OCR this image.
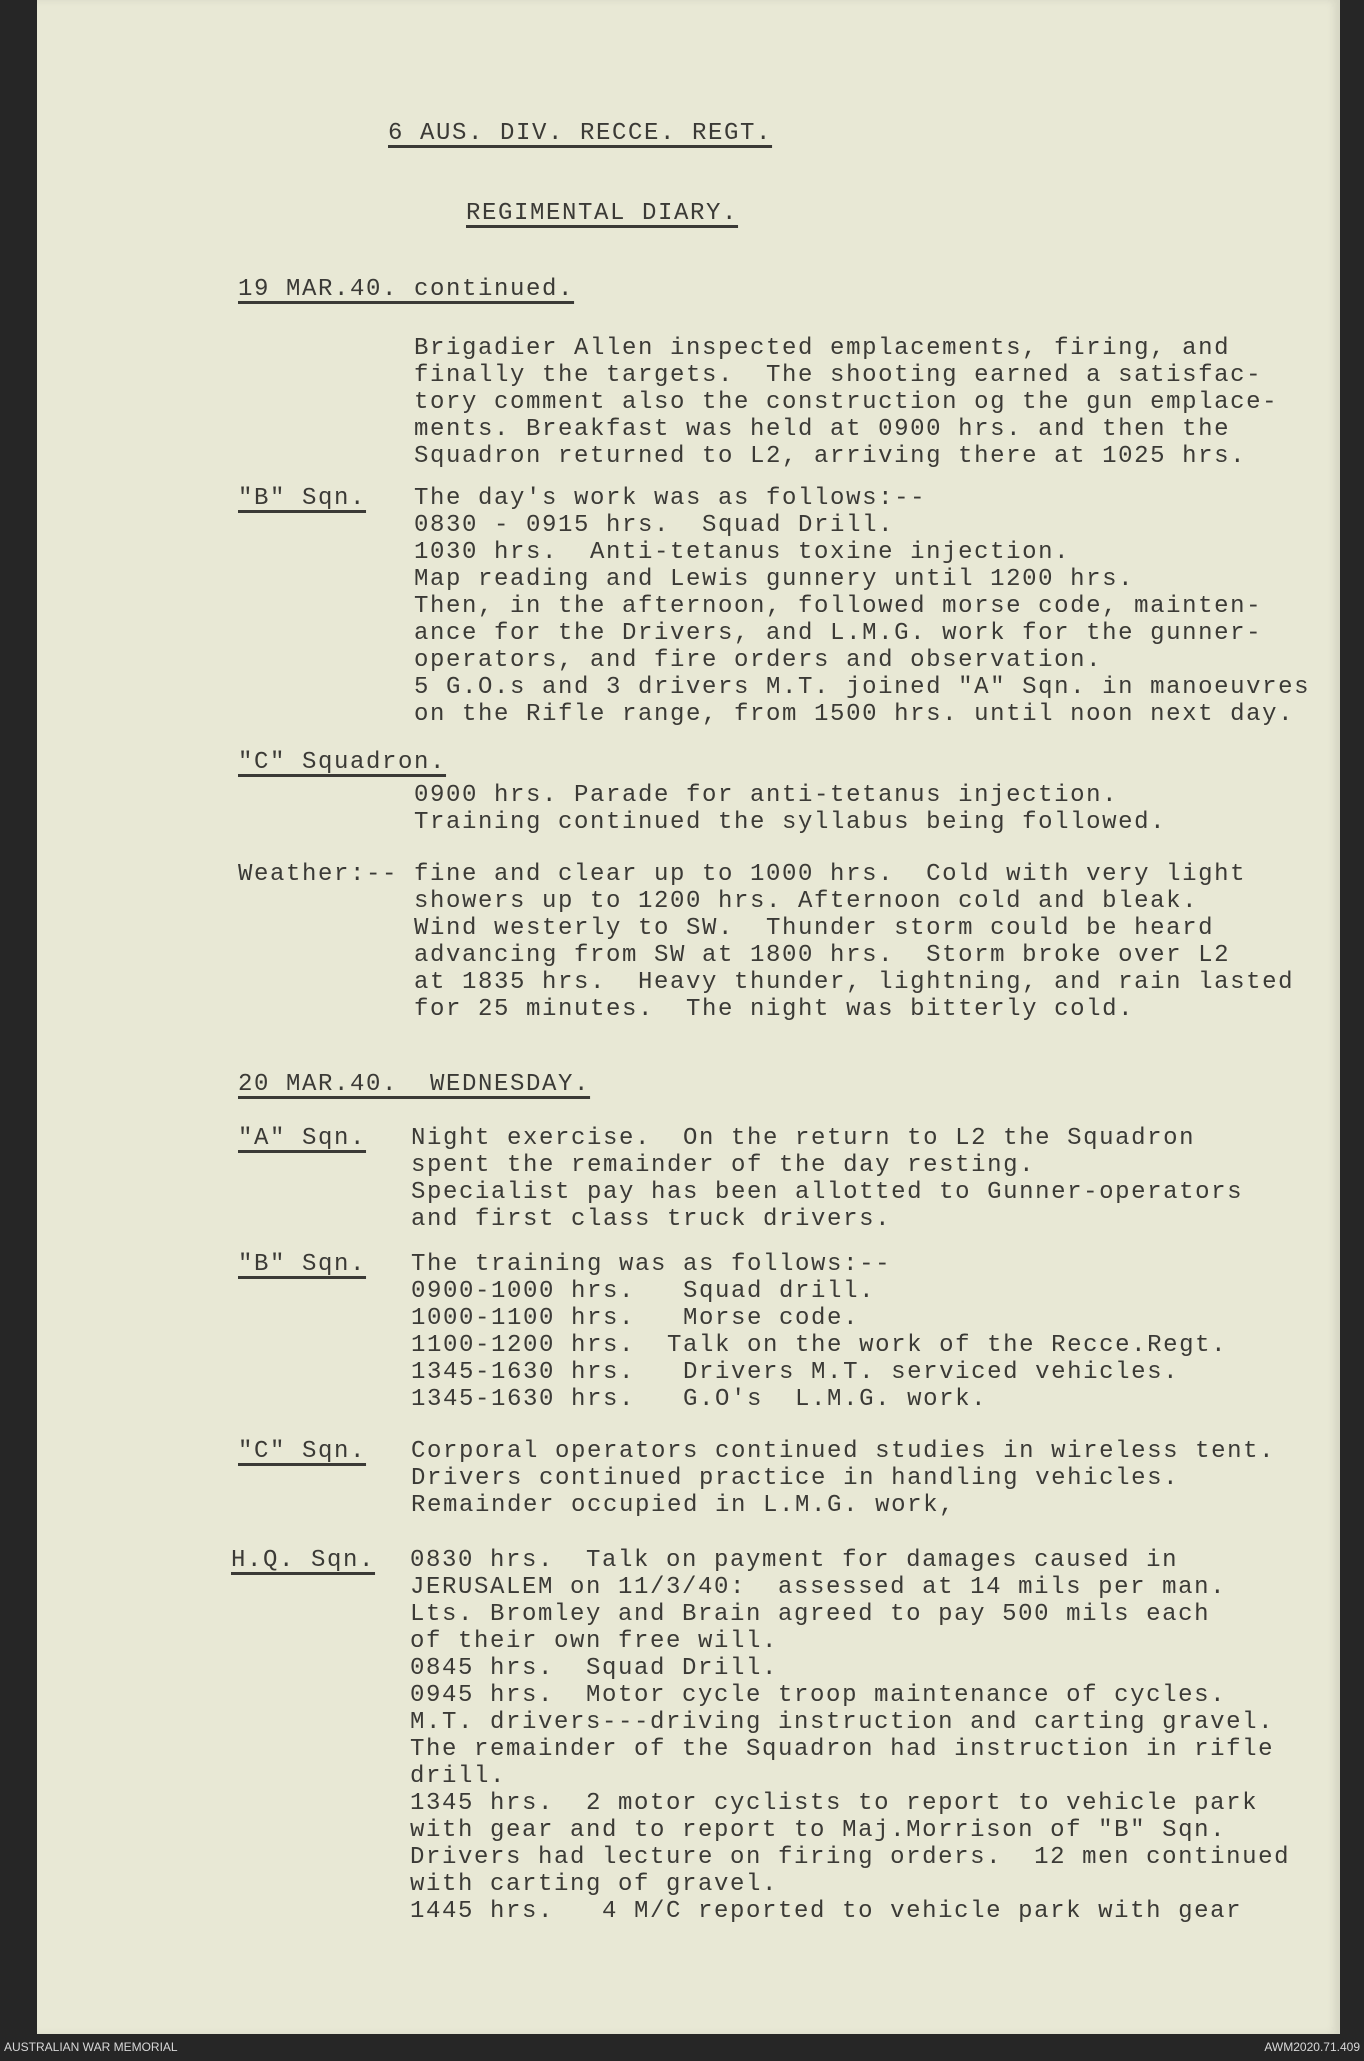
6 AUS. DIV. RECCE. REGT.
REGIMENTAL DIARY.
19 MAR.40. continued.
Brigadier Allen inspected emplacements, firing, and
finally the targets.  The shooting earned a satisfac-
tory comment also the construction og the gun emplace-
ments. Breakfast was held at 0900 hrs. and then the
Squadron returned to L2, arriving there at 1025 hrs.
"B" Sqn. The day's work was as follows:--
0830 - 0915 hrs.  Squad Drill.
1030 hrs.  Anti-tetanus toxine injection.
Map reading and Lewis gunnery until 1200 hrs.
Then, in the afternoon, followed morse code, mainten-
ance for the Drivers, and L.M.G. work for the gunner-
operators, and fire orders and observation.
5 G.O.s and 3 drivers M.T. joined "A" Sqn. in manoeuvres
on the Rifle range, from 1500 hrs. until noon next day.
"C" Squadron.
0900 hrs. Parade for anti-tetanus injection.
Training continued the syllabus being followed.
Weather:-- fine and clear up to 1000 hrs.  Cold with very light
showers up to 1200 hrs. Afternoon cold and bleak.
Wind westerly to SW.  Thunder storm could be heard
advancing from SW at 1800 hrs.  Storm broke over L2
at 1835 hrs.  Heavy thunder, lightning, and rain lasted
for 25 minutes.  The night was bitterly cold.
20 MAR.40.  WEDNESDAY.
"A" Sqn. Night exercise.  On the return to L2 the Squadron
spent the remainder of the day resting.
Specialist pay has been allotted to Gunner-operators
and first class truck drivers.
"B" Sqn. The training was as follows:--
0900-1000 hrs.   Squad drill.
1000-1100 hrs.   Morse code.
1100-1200 hrs.  Talk on the work of the Recce.Regt.
1345-1630 hrs.   Drivers M.T. serviced vehicles.
1345-1630 hrs.   G.O's  L.M.G. work.
"C" Sqn. Corporal operators continued studies in wireless tent.
Drivers continued practice in handling vehicles.
Remainder occupied in L.M.G. work,
H.Q. Sqn. 0830 hrs.  Talk on payment for damages caused in
JERUSALEM on 11/3/40:  assessed at 14 mils per man.
Lts. Bromley and Brain agreed to pay 500 mils each
of their own free will.
0845 hrs.  Squad Drill.
0945 hrs.  Motor cycle troop maintenance of cycles.
M.T. drivers---driving instruction and carting gravel.
The remainder of the Squadron had instruction in rifle
drill.
1345 hrs.  2 motor cyclists to report to vehicle park
with gear and to report to Maj.Morrison of "B" Sqn.
Drivers had lecture on firing orders.  12 men continued
with carting of gravel.
1445 hrs.   4 M/C reported to vehicle park with gear
AUSTRALIAN WAR MEMORIAL	AWM2020.71.409
